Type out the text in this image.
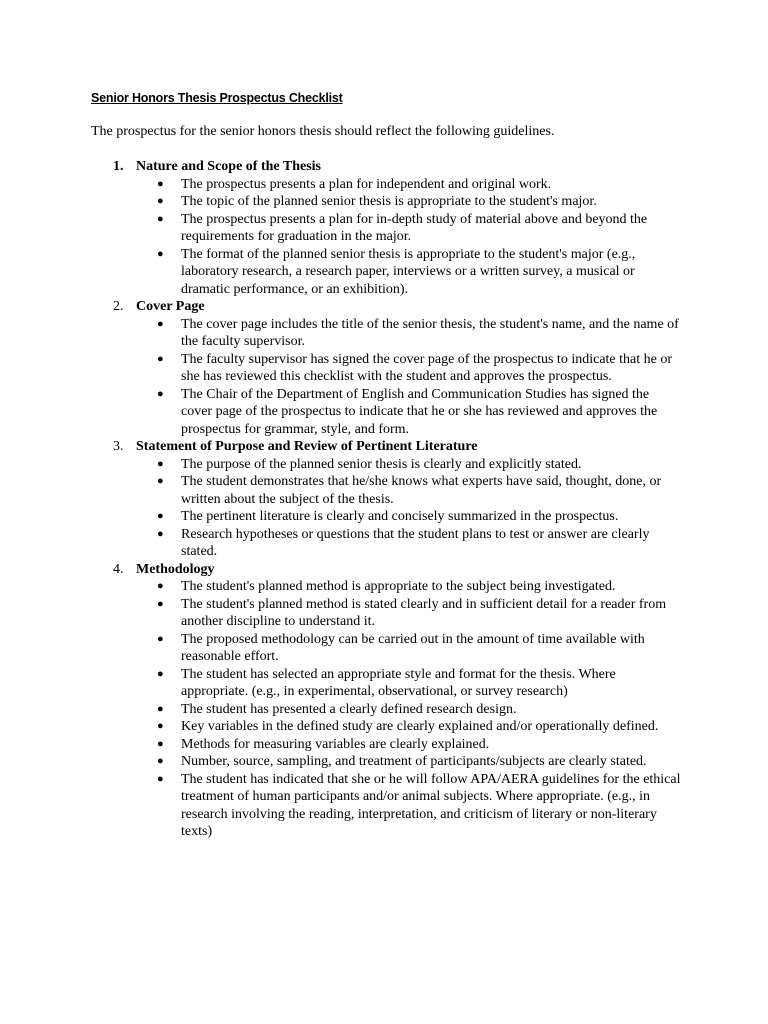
Senior Honors Thesis Prospectus Checklist
The prospectus for the senior honors thesis should reflect the following guidelines.
1. Nature and Scope of the Thesis
● The prospectus presents a plan for independent and original work.
● The topic of the planned senior thesis is appropriate to the student's major.
● The prospectus presents a plan for in-depth study of material above and beyond the requirements for graduation in the major.
● The format of the planned senior thesis is appropriate to the student's major (e.g., laboratory research, a research paper, interviews or a written survey, a musical or dramatic performance, or an exhibition).
2. Cover Page
● The cover page includes the title of the senior thesis, the student's name, and the name of the faculty supervisor.
● The faculty supervisor has signed the cover page of the prospectus to indicate that he or she has reviewed this checklist with the student and approves the prospectus.
● The Chair of the Department of English and Communication Studies has signed the cover page of the prospectus to indicate that he or she has reviewed and approves the prospectus for grammar, style, and form.
3. Statement of Purpose and Review of Pertinent Literature
● The purpose of the planned senior thesis is clearly and explicitly stated.
● The student demonstrates that he/she knows what experts have said, thought, done, or written about the subject of the thesis.
● The pertinent literature is clearly and concisely summarized in the prospectus.
● Research hypotheses or questions that the student plans to test or answer are clearly stated.
4. Methodology
● The student's planned method is appropriate to the subject being investigated.
● The student's planned method is stated clearly and in sufficient detail for a reader from another discipline to understand it.
● The proposed methodology can be carried out in the amount of time available with reasonable effort.
● The student has selected an appropriate style and format for the thesis. Where appropriate. (e.g., in experimental, observational, or survey research)
● The student has presented a clearly defined research design.
● Key variables in the defined study are clearly explained and/or operationally defined.
● Methods for measuring variables are clearly explained.
● Number, source, sampling, and treatment of participants/subjects are clearly stated.
● The student has indicated that she or he will follow APA/AERA guidelines for the ethical treatment of human participants and/or animal subjects. Where appropriate. (e.g., in research involving the reading, interpretation, and criticism of literary or non-literary texts)
